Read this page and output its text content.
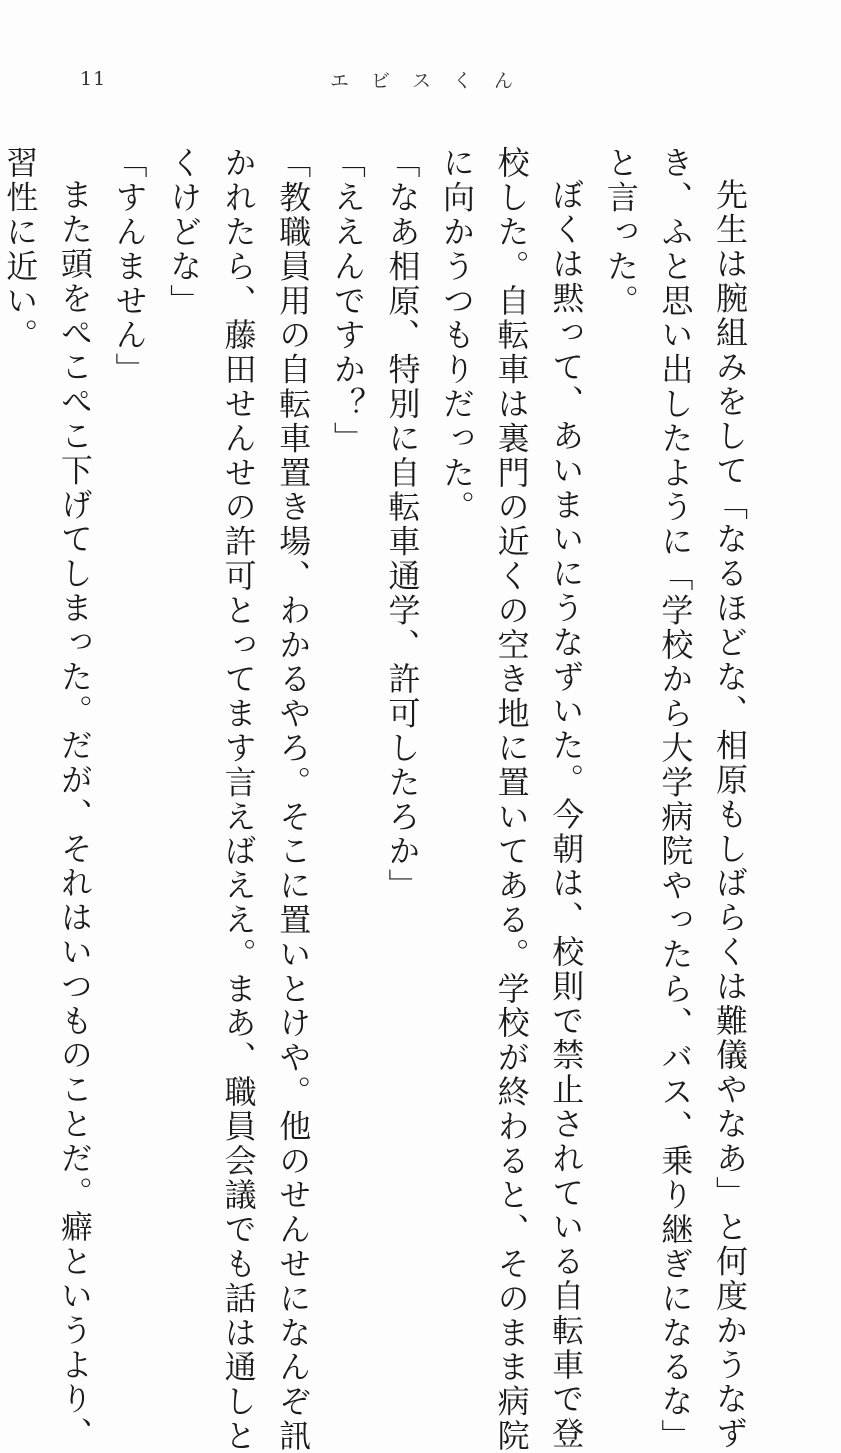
11	エビスくん
先生は腕組みをして「なるほどな、相原もしばらくは難儀やなあ」と何度かうなず
き、ふと思い出したように「学校から大学病院やったら、バス、乗り継ぎになるな」
と言った。
ぼくは黙って、あいまいにうなずいた。今朝は、校則で禁止されている自転車で登
校した。自転車は裏門の近くの空き地に置いてある。学校が終わると、そのまま病院
に向かうつもりだった。
「なあ相原、特別に自転車通学、許可したろか」
「ええんですか？」
「教職員用の自転車置き場、わかるやろ。そこに置いとけや。他のせんせになんぞ訊
かれたら、藤田せんせの許可とってます言えばええ。まあ、職員会議でも話は通しと
くけどな」
「すんません」
また頭をぺこぺこ下げてしまった。だが、それはいつものことだ。癖というより、
習性に近い。
